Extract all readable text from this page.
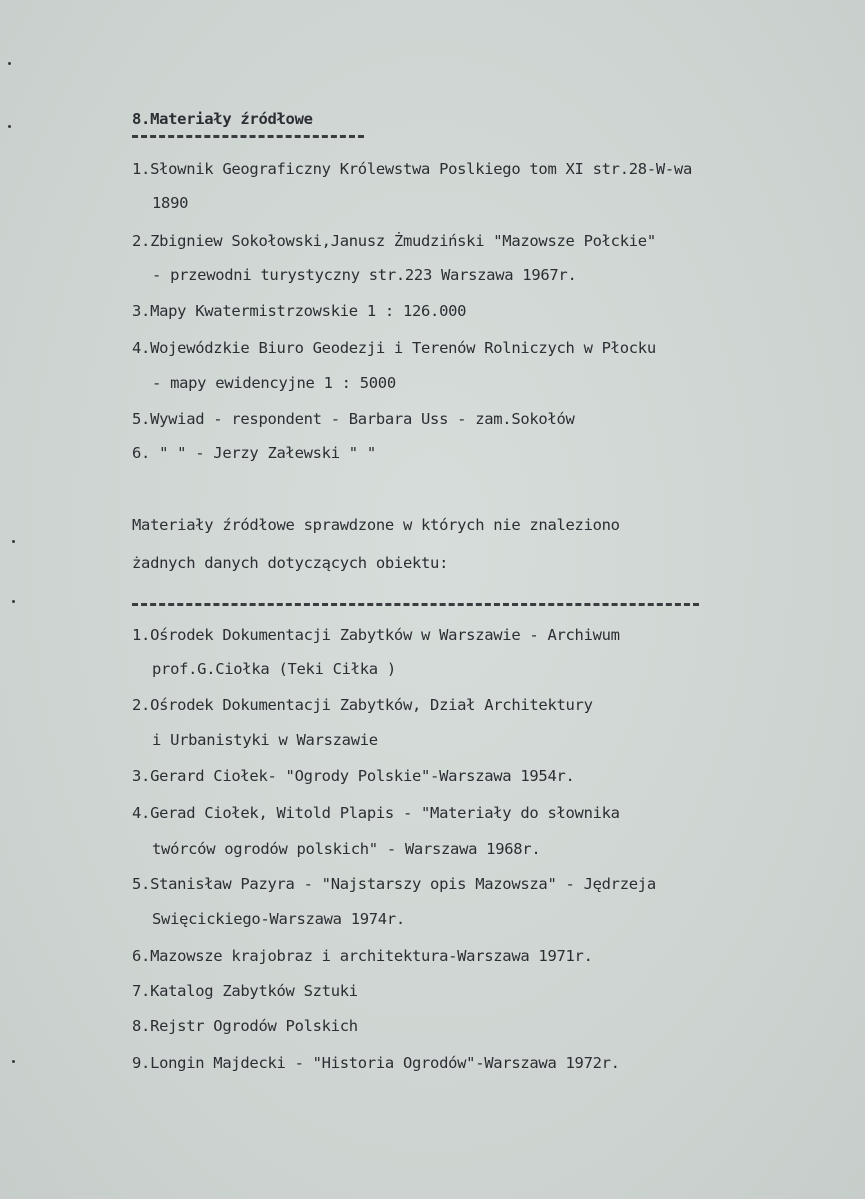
8.Materiały źródłowe
1.Słownik Geograficzny Królewstwa Poslkiego tom XI str.28-W-wa
1890
2.Zbigniew Sokołowski,Janusz Żmudziński "Mazowsze Połckie"
- przewodni turystyczny str.223 Warszawa 1967r.
3.Mapy Kwatermistrzowskie 1 : 126.000
4.Wojewódzkie Biuro Geodezji i Terenów Rolniczych w Płocku
- mapy ewidencyjne 1 : 5000
5.Wywiad - respondent - Barbara Uss - zam.Sokołów
6. " " - Jerzy Załewski " "
Materiały źródłowe sprawdzone w których nie znaleziono
żadnych danych dotyczących obiektu:
1.Ośrodek Dokumentacji Zabytków w Warszawie - Archiwum
prof.G.Ciołka (Teki Ciłka )
2.Ośrodek Dokumentacji Zabytków, Dział Architektury
i Urbanistyki w Warszawie
3.Gerard Ciołek- "Ogrody Polskie"-Warszawa 1954r.
4.Gerad Ciołek, Witold Plapis - "Materiały do słownika
twórców ogrodów polskich" - Warszawa 1968r.
5.Stanisław Pazyra - "Najstarszy opis Mazowsza" - Jędrzeja
Swięcickiego-Warszawa 1974r.
6.Mazowsze krajobraz i architektura-Warszawa 1971r.
7.Katalog Zabytków Sztuki
8.Rejstr Ogrodów Polskich
9.Longin Majdecki - "Historia Ogrodów"-Warszawa 1972r.
